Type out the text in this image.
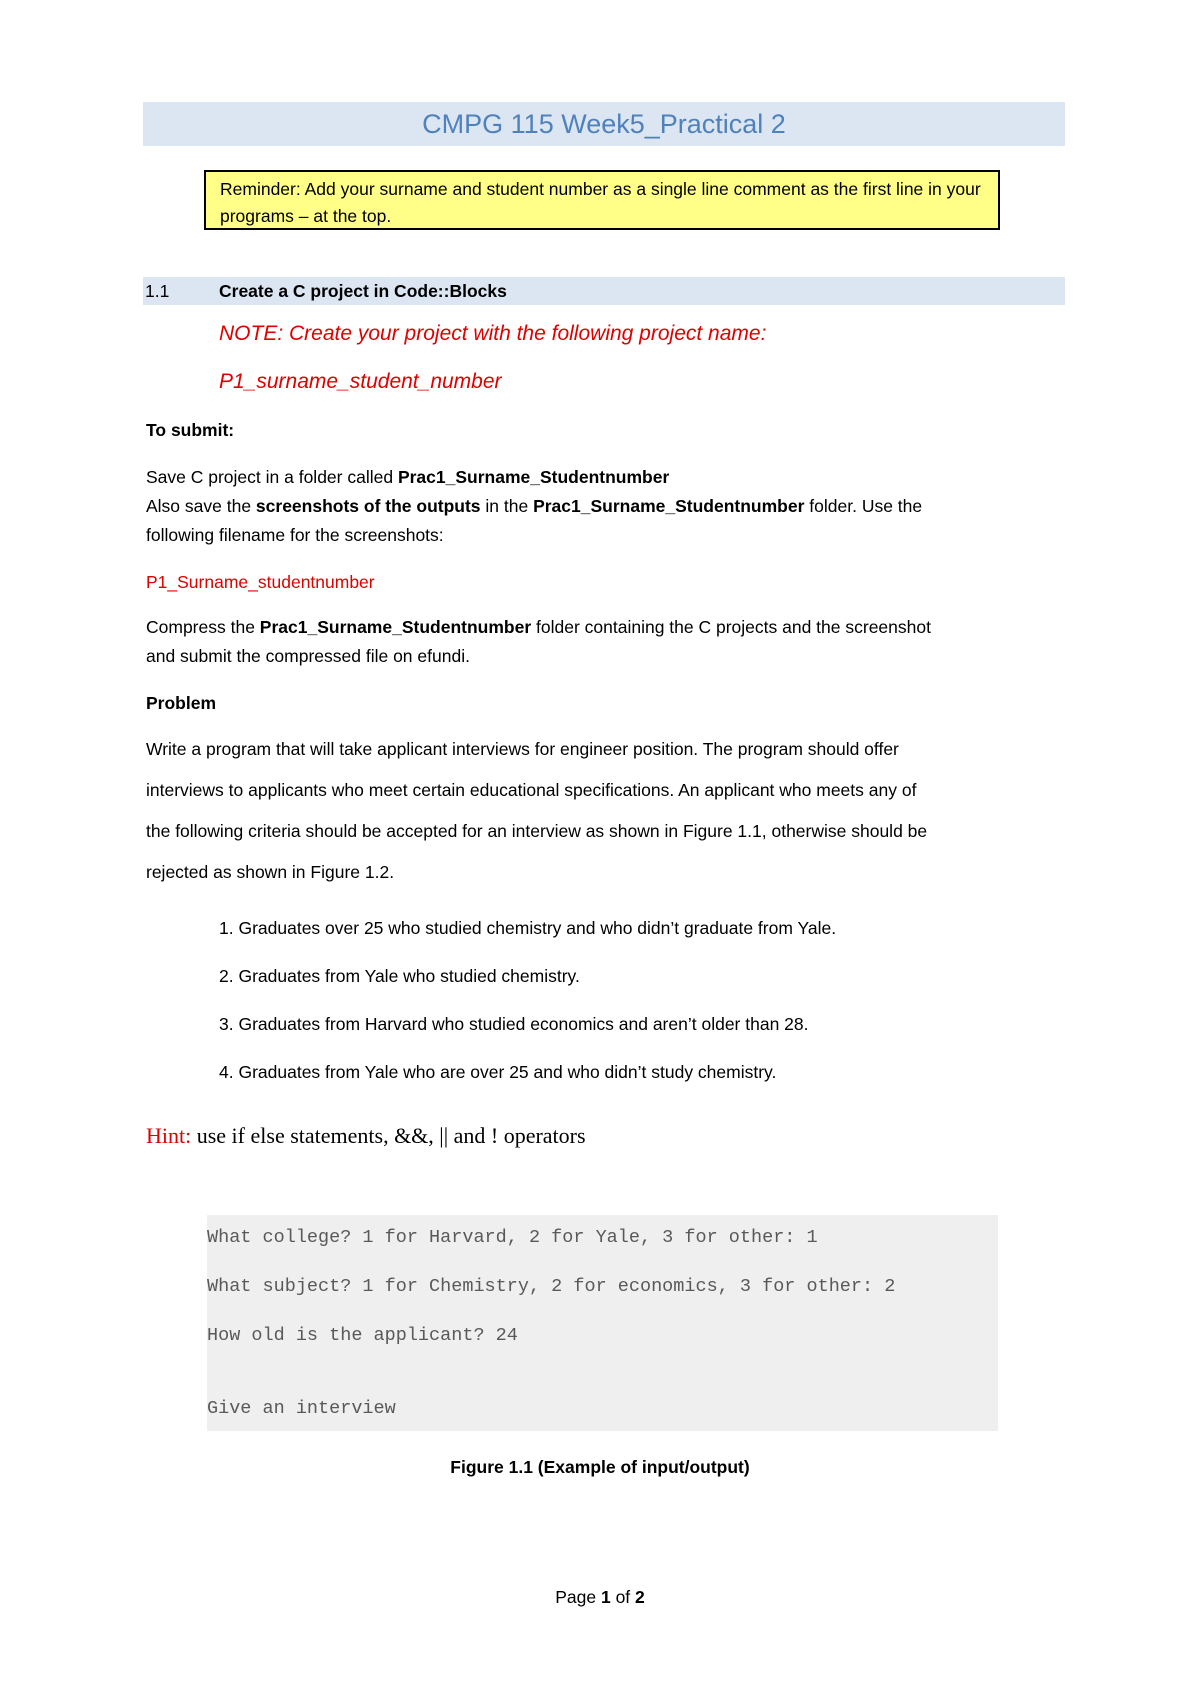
CMPG 115 Week5_Practical 2
Reminder: Add your surname and student number as a single line comment as the first line in your programs – at the top.
1.1	Create a C project in Code::Blocks
NOTE: Create your project with the following project name:
P1_surname_student_number
To submit:
Save C project in a folder called Prac1_Surname_Studentnumber
Also save the screenshots of the outputs in the Prac1_Surname_Studentnumber folder. Use the
following filename for the screenshots:
P1_Surname_studentnumber
Compress the Prac1_Surname_Studentnumber folder containing the C projects and the screenshot
and submit the compressed file on efundi.
Problem
Write a program that will take applicant interviews for engineer position. The program should offer
interviews to applicants who meet certain educational specifications. An applicant who meets any of
the following criteria should be accepted for an interview as shown in Figure 1.1, otherwise should be
rejected as shown in Figure 1.2.
1. Graduates over 25 who studied chemistry and who didn’t graduate from Yale.
2. Graduates from Yale who studied chemistry.
3. Graduates from Harvard who studied economics and aren’t older than 28.
4. Graduates from Yale who are over 25 and who didn’t study chemistry.
Hint: use if else statements, &&, || and ! operators
What college? 1 for Harvard, 2 for Yale, 3 for other: 1
What subject? 1 for Chemistry, 2 for economics, 3 for other: 2
How old is the applicant? 24
Give an interview
Figure 1.1 (Example of input/output)
Page 1 of 2
